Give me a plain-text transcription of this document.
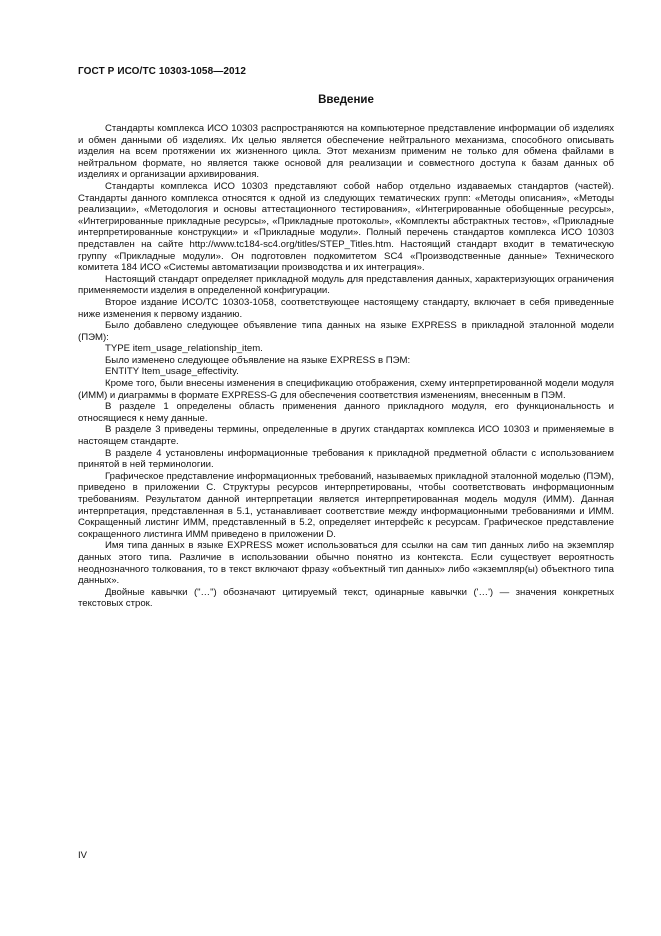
ГОСТ Р ИСО/ТС 10303-1058—2012
Введение

Стандарты комплекса ИСО 10303 распространяются на компьютерное представление информации об изделиях и обмен данными об изделиях. Их целью является обеспечение нейтрального механизма, способного описывать изделия на всем протяжении их жизненного цикла. Этот механизм применим не только для обмена файлами в нейтральном формате, но является также основой для реализации и совместного доступа к базам данных об изделиях и организации архивирования.

Стандарты комплекса ИСО 10303 представляют собой набор отдельно издаваемых стандартов (частей). Стандарты данного комплекса относятся к одной из следующих тематических групп: «Методы описания», «Методы реализации», «Методология и основы аттестационного тестирования», «Интегрированные обобщенные ресурсы», «Интегрированные прикладные ресурсы», «Прикладные протоколы», «Комплекты абстрактных тестов», «Прикладные интерпретированные конструкции» и «Прикладные модули». Полный перечень стандартов комплекса ИСО 10303 представлен на сайте http://www.tc184-sc4.org/titles/STEP_Titles.htm. Настоящий стандарт входит в тематическую группу «Прикладные модули». Он подготовлен подкомитетом SC4 «Производственные данные» Технического комитета 184 ИСО «Системы автоматизации производства и их интеграция».

Настоящий стандарт определяет прикладной модуль для представления данных, характеризующих ограничения применяемости изделия в определенной конфигурации.

Второе издание ИСО/ТС 10303-1058, соответствующее настоящему стандарту, включает в себя приведенные ниже изменения к первому изданию.

Было добавлено следующее объявление типа данных на языке EXPRESS в прикладной эталонной модели (ПЭМ):

TYPE item_usage_relationship_item.

Было изменено следующее объявление на языке EXPRESS в ПЭМ:

ENTITY Item_usage_effectivity.

Кроме того, были внесены изменения в спецификацию отображения, схему интерпретированной модели модуля (ИММ) и диаграммы в формате EXPRESS-G для обеспечения соответствия изменениям, внесенным в ПЭМ.

В разделе 1 определены область применения данного прикладного модуля, его функциональность и относящиеся к нему данные.

В разделе 3 приведены термины, определенные в других стандартах комплекса ИСО 10303 и применяемые в настоящем стандарте.

В разделе 4 установлены информационные требования к прикладной предметной области с использованием принятой в ней терминологии.

Графическое представление информационных требований, называемых прикладной эталонной моделью (ПЭМ), приведено в приложении С. Структуры ресурсов интерпретированы, чтобы соответствовать информационным требованиям. Результатом данной интерпретации является интерпретированная модель модуля (ИММ). Данная интерпретация, представленная в 5.1, устанавливает соответствие между информационными требованиями и ИММ. Сокращенный листинг ИММ, представленный в 5.2, определяет интерфейс к ресурсам. Графическое представление сокращенного листинга ИММ приведено в приложении D.

Имя типа данных в языке EXPRESS может использоваться для ссылки на сам тип данных либо на экземпляр данных этого типа. Различие в использовании обычно понятно из контекста. Если существует вероятность неоднозначного толкования, то в текст включают фразу «объектный тип данных» либо «экземпляр(ы) объектного типа данных».

Двойные кавычки ("…") обозначают цитируемый текст, одинарные кавычки ('…') — значения конкретных текстовых строк.

IV
